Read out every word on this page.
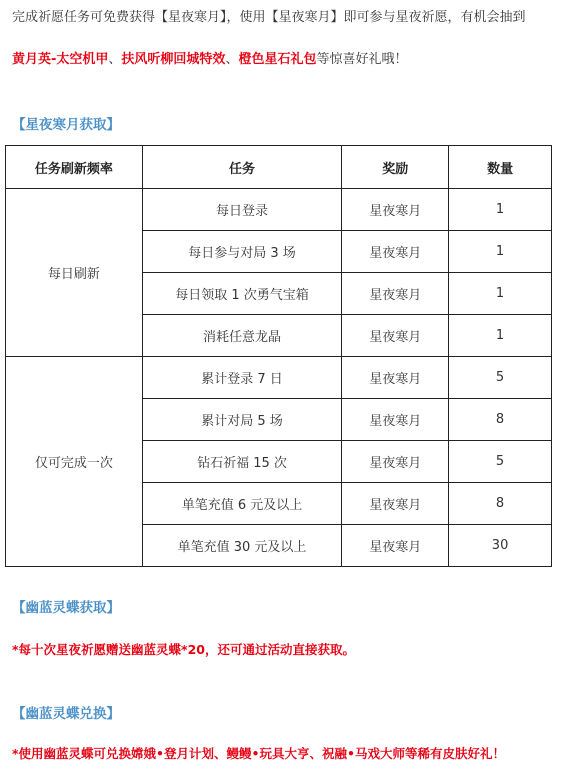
完成祈愿任务可免费获得【星夜寒月】，使用【星夜寒月】即可参与星夜祈愿，有机会抽到
黄月英-太空机甲、扶风听柳回城特效、橙色星石礼包等惊喜好礼哦！
【星夜寒月获取】
任务刷新频率	任务	奖励	数量
每日刷新	每日登录	星夜寒月	1
	每日参与对局 3 场	星夜寒月	1
	每日领取 1 次勇气宝箱	星夜寒月	1
	消耗任意龙晶	星夜寒月	1
仅可完成一次	累计登录 7 日	星夜寒月	5
	累计对局 5 场	星夜寒月	8
	钻石祈福 15 次	星夜寒月	5
	单笔充值 6 元及以上	星夜寒月	8
	单笔充值 30 元及以上	星夜寒月	30
【幽蓝灵蝶获取】
*每十次星夜祈愿赠送幽蓝灵蝶*20，还可通过活动直接获取。
【幽蓝灵蝶兑换】
*使用幽蓝灵蝶可兑换嫦娥•登月计划、鳗鳗•玩具大亨、祝融•马戏大师等稀有皮肤好礼！
